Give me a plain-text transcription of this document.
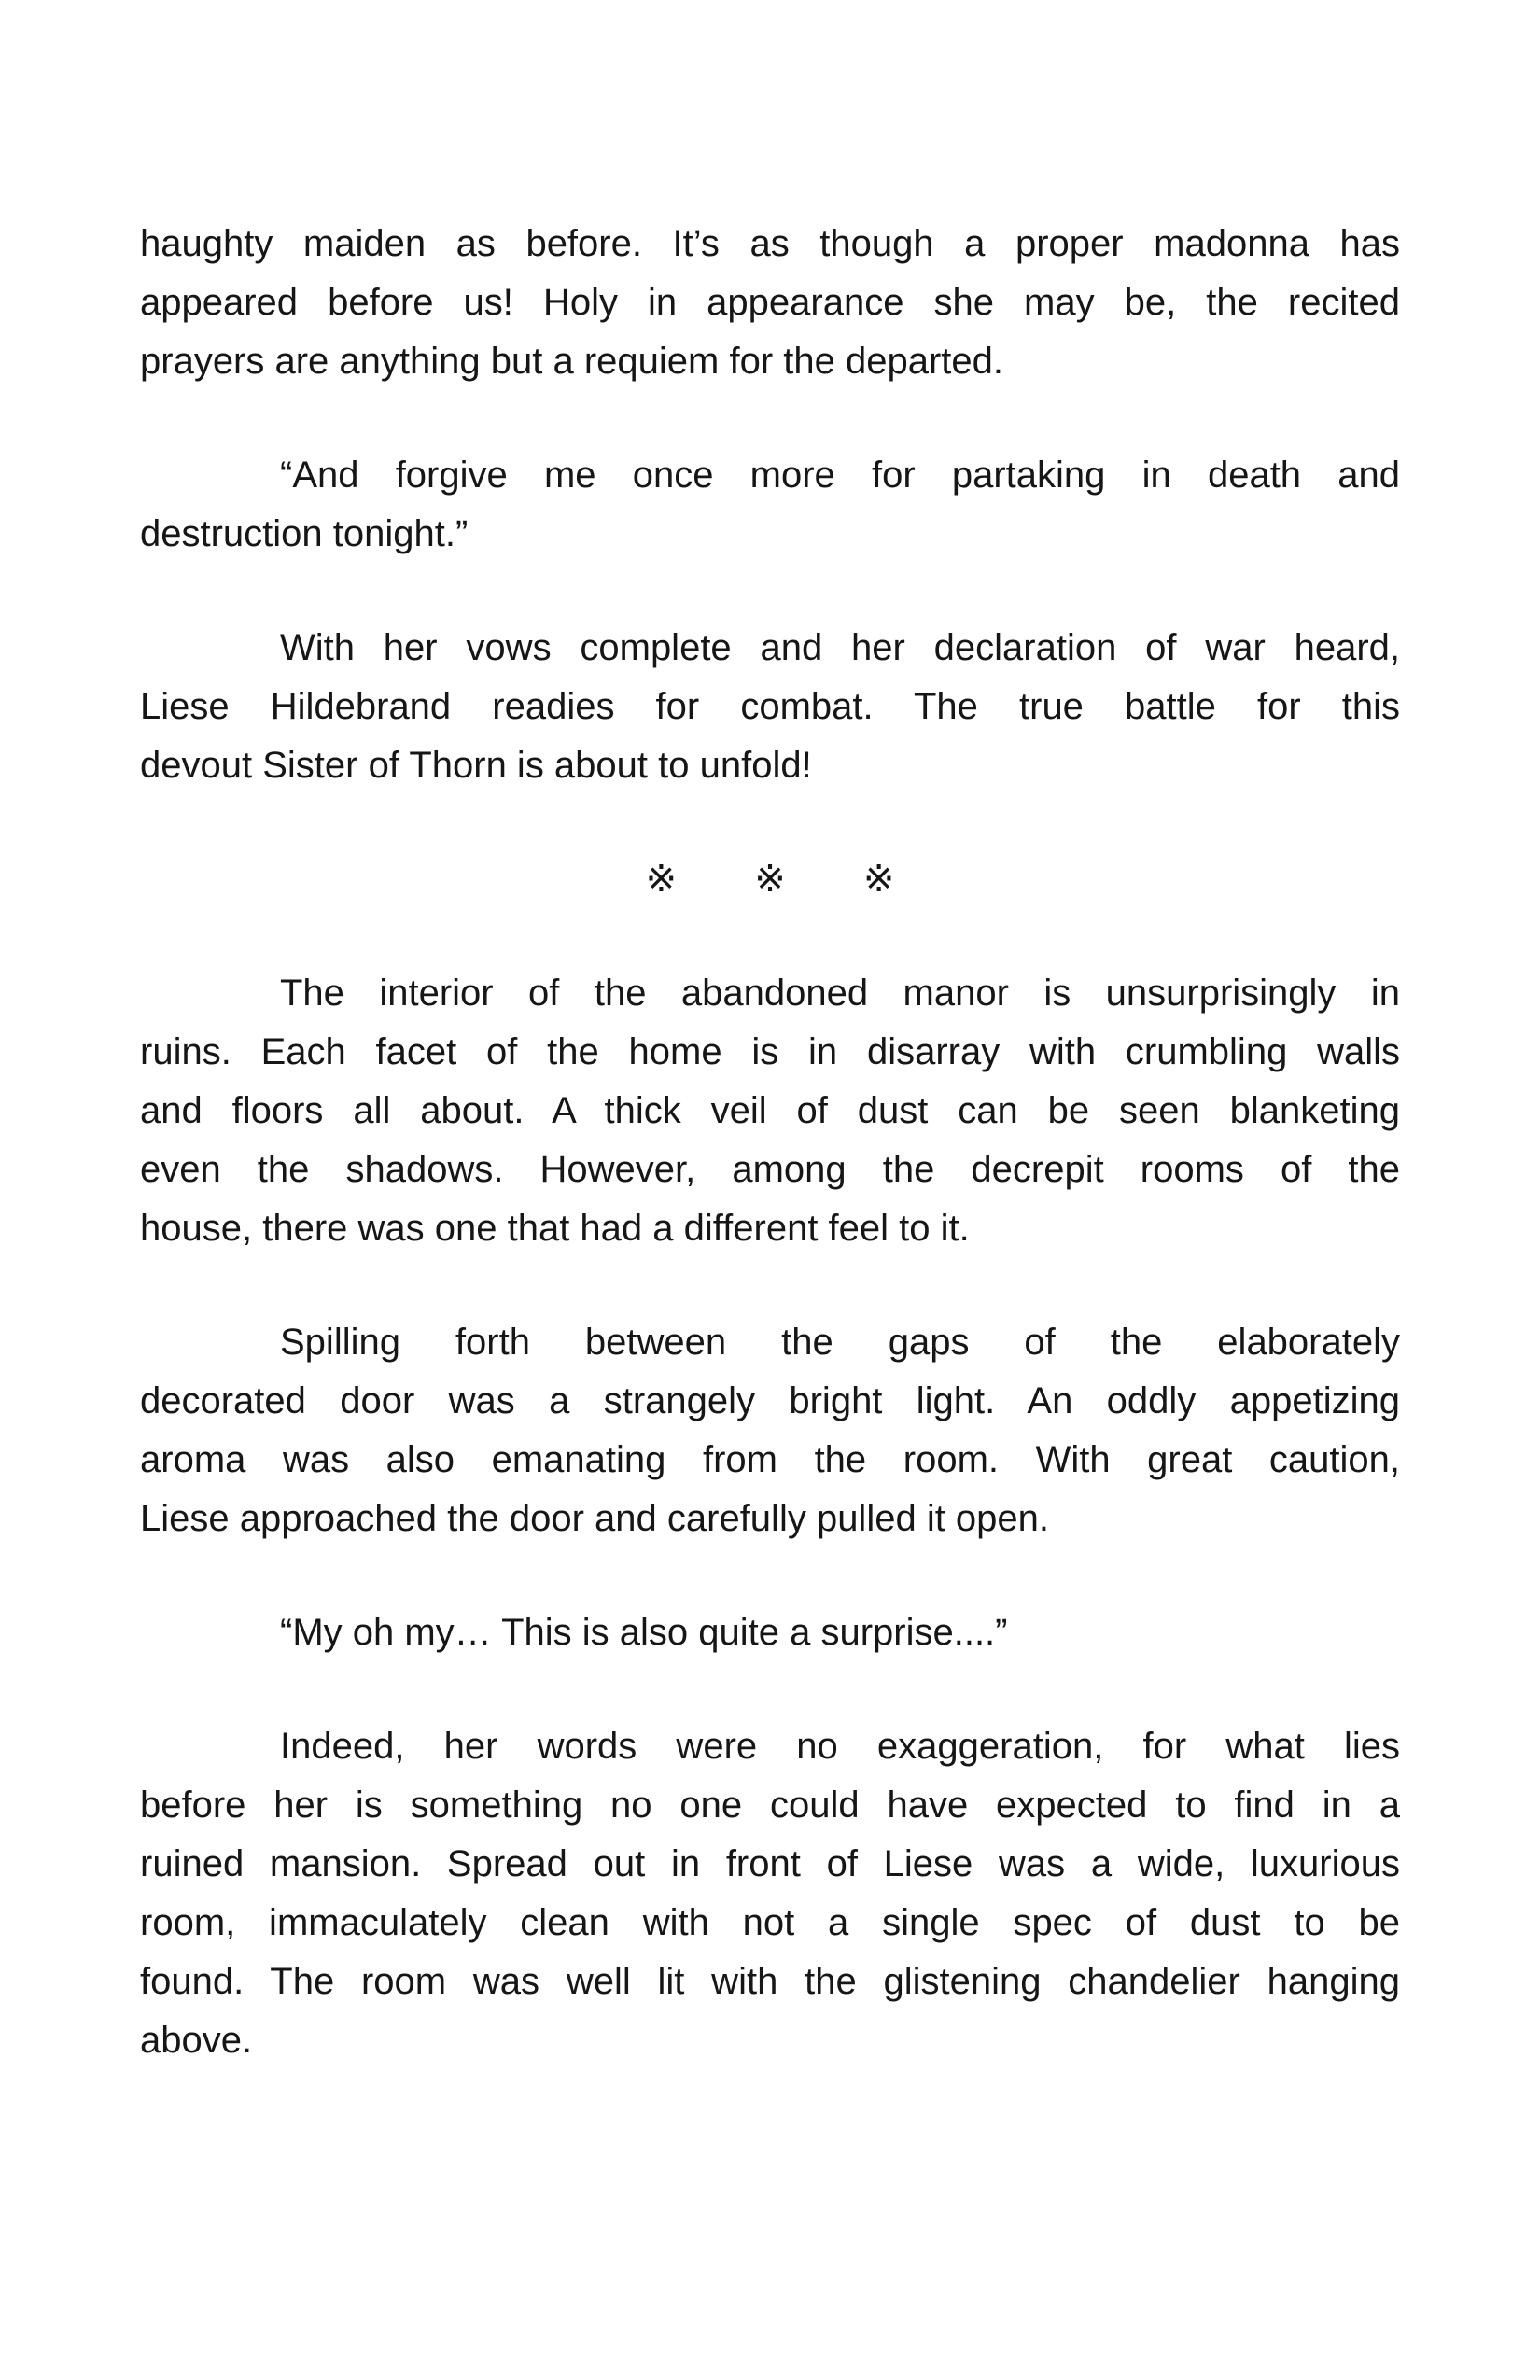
haughty maiden as before. It’s as though a proper madonna has
appeared before us! Holy in appearance she may be, the recited
prayers are anything but a requiem for the departed.
“And forgive me once more for partaking in death and
destruction tonight.”
With her vows complete and her declaration of war heard,
Liese Hildebrand readies for combat. The true battle for this
devout Sister of Thorn is about to unfold!
※ ※ ※
The interior of the abandoned manor is unsurprisingly in
ruins. Each facet of the home is in disarray with crumbling walls
and floors all about. A thick veil of dust can be seen blanketing
even the shadows. However, among the decrepit rooms of the
house, there was one that had a different feel to it.
Spilling forth between the gaps of the elaborately
decorated door was a strangely bright light. An oddly appetizing
aroma was also emanating from the room. With great caution,
Liese approached the door and carefully pulled it open.
“My oh my… This is also quite a surprise....”
Indeed, her words were no exaggeration, for what lies
before her is something no one could have expected to find in a
ruined mansion. Spread out in front of Liese was a wide, luxurious
room, immaculately clean with not a single spec of dust to be
found. The room was well lit with the glistening chandelier hanging
above.
